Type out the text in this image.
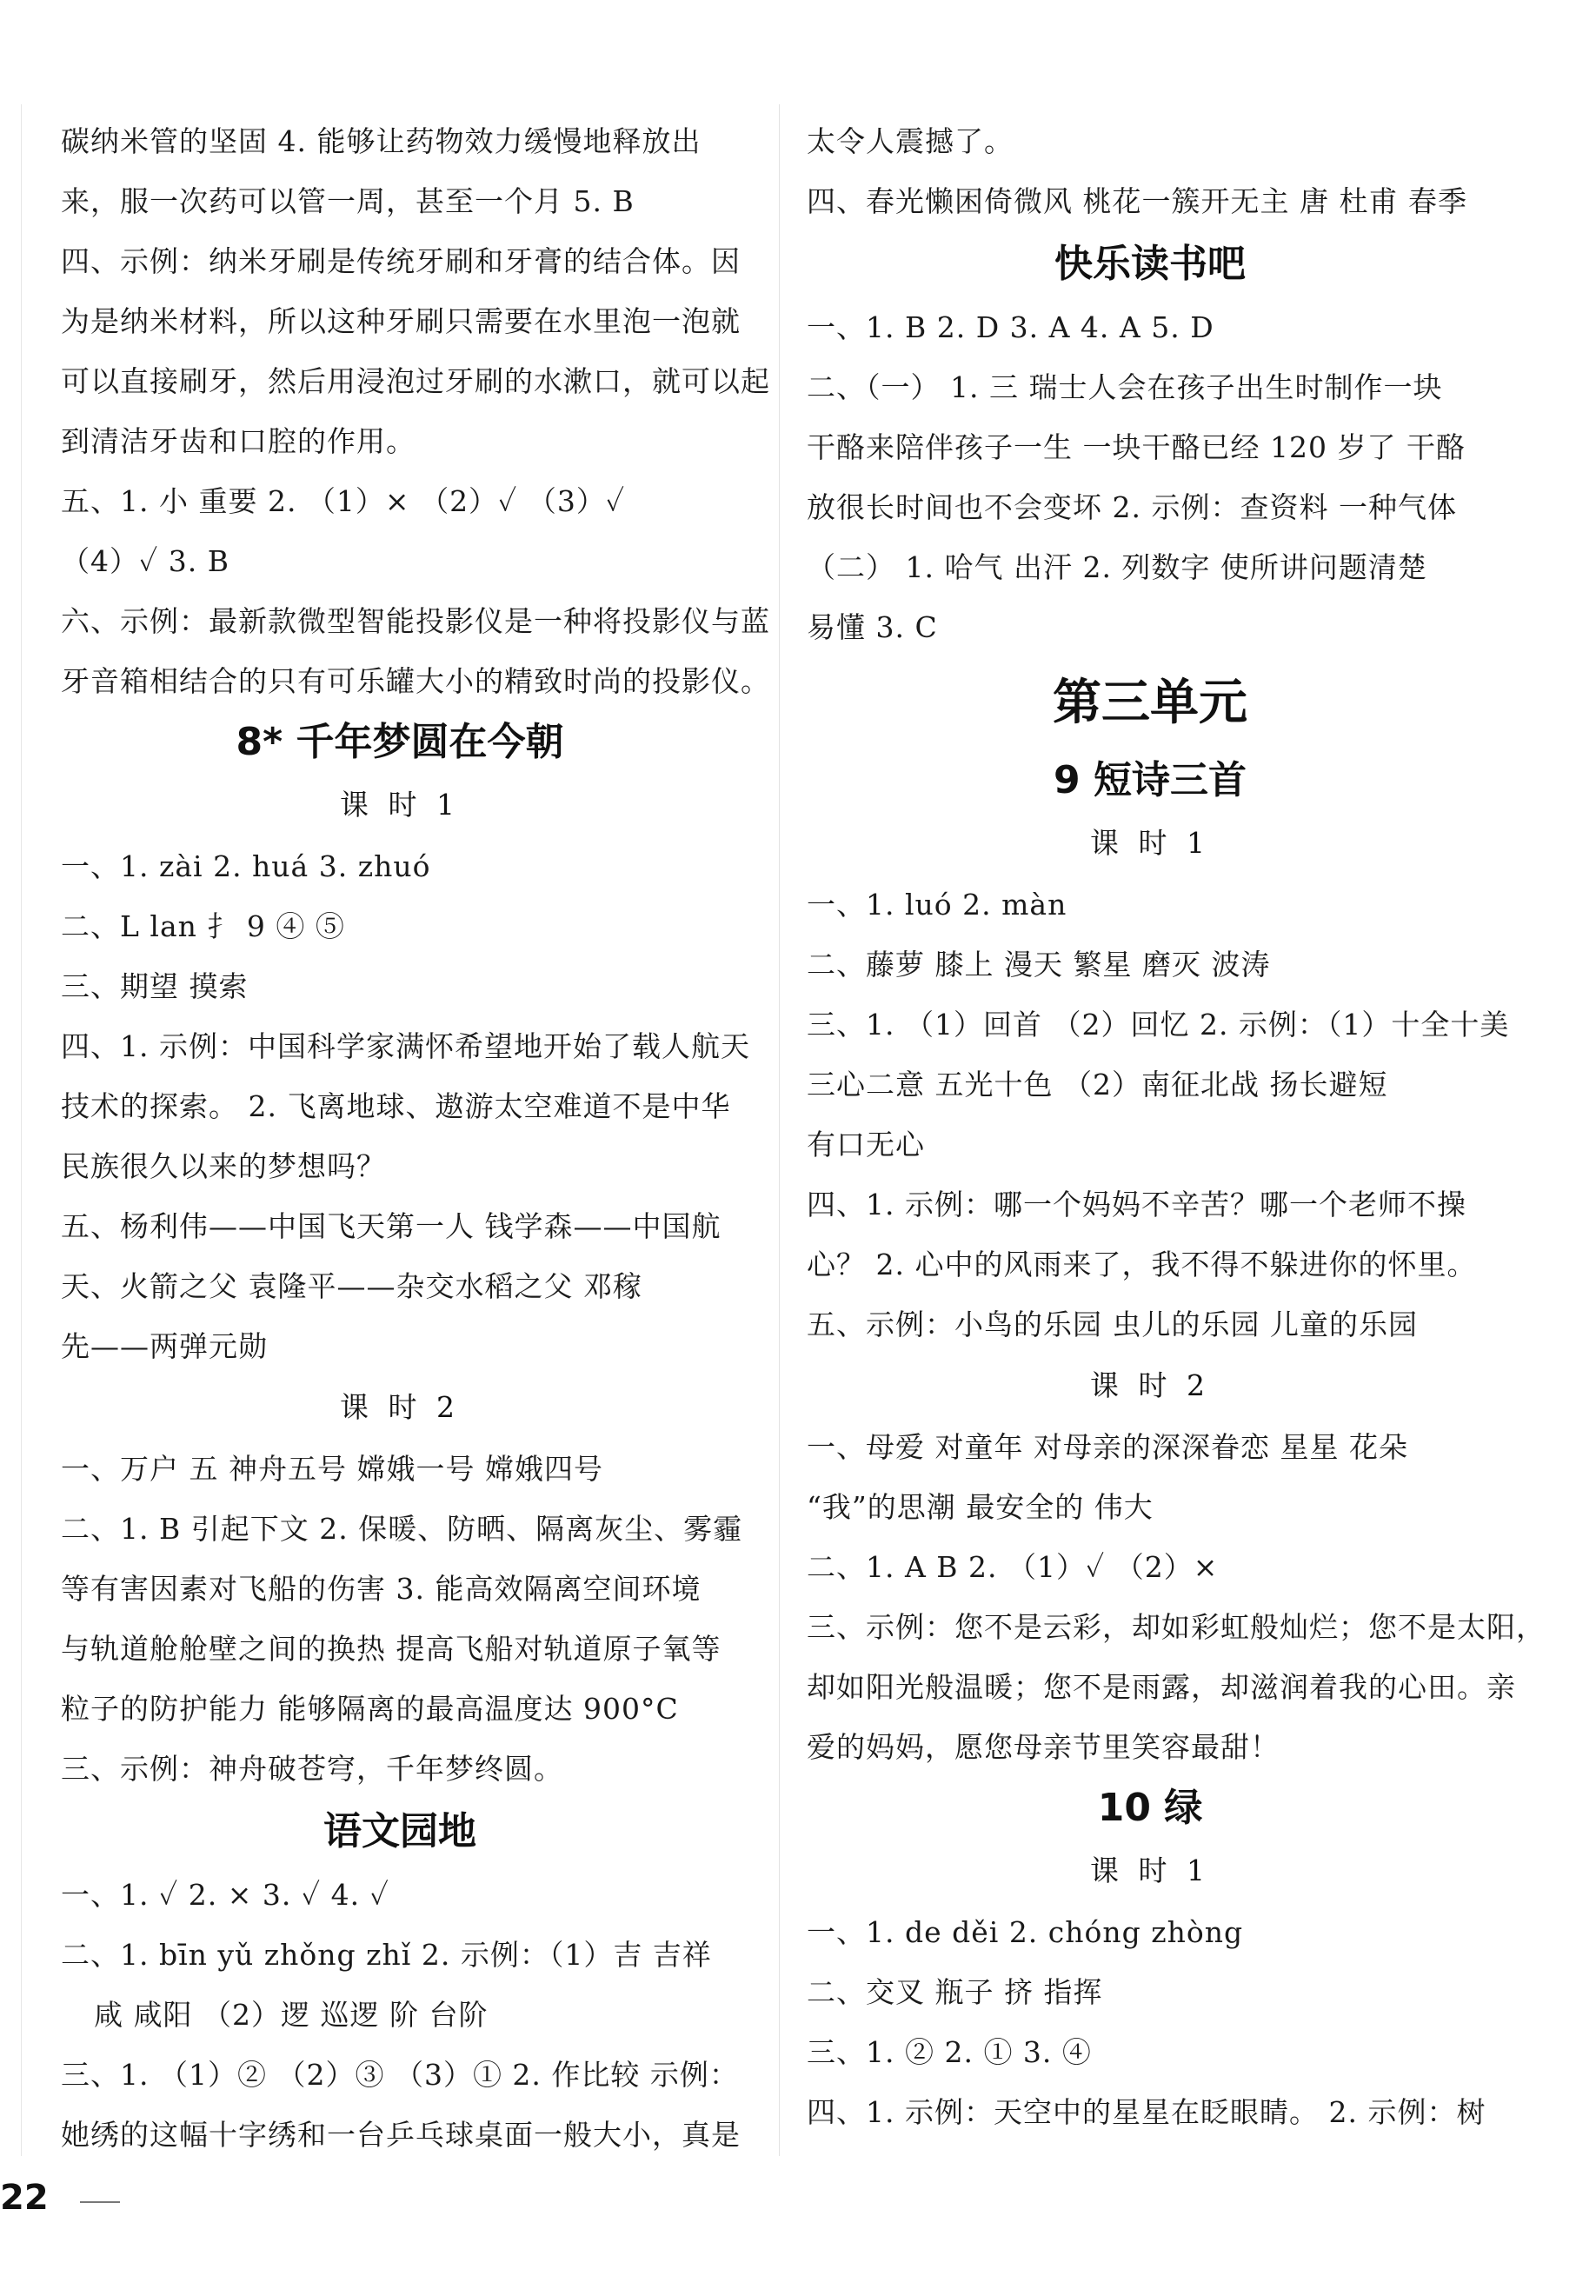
碳纳米管的坚固 4. 能够让药物效力缓慢地释放出
来，服一次药可以管一周，甚至一个月 5. B
四、示例：纳米牙刷是传统牙刷和牙膏的结合体。因
为是纳米材料，所以这种牙刷只需要在水里泡一泡就
可以直接刷牙，然后用浸泡过牙刷的水漱口，就可以起
到清洁牙齿和口腔的作用。
五、1. 小 重要 2. （1）× （2）✓ （3）✓
（4）✓ 3. B
六、示例：最新款微型智能投影仪是一种将投影仪与蓝
牙音箱相结合的只有可乐罐大小的精致时尚的投影仪。
8* 千年梦圆在今朝
课 时 1
一、1. zài 2. huá 3. zhuó
二、L lan 扌 9 ④ ⑤
三、期望 摸索
四、1. 示例：中国科学家满怀希望地开始了载人航天
技术的探索。 2. 飞离地球、遨游太空难道不是中华
民族很久以来的梦想吗？
五、杨利伟——中国飞天第一人 钱学森——中国航
天、火箭之父 袁隆平——杂交水稻之父 邓稼
先——两弹元勋
课 时 2
一、万户 五 神舟五号 嫦娥一号 嫦娥四号
二、1. B 引起下文 2. 保暖、防晒、隔离灰尘、雾霾
等有害因素对飞船的伤害 3. 能高效隔离空间环境
与轨道舱舱壁之间的换热 提高飞船对轨道原子氧等
粒子的防护能力 能够隔离的最高温度达 900°C
三、示例：神舟破苍穹，千年梦终圆。
语文园地
一、1. ✓ 2. × 3. ✓ 4. ✓
二、1. bīn yǔ zhǒng zhǐ 2. 示例：（1）吉 吉祥
咸 咸阳 （2）逻 巡逻 阶 台阶
三、1. （1）② （2）③ （3）① 2. 作比较 示例：
她绣的这幅十字绣和一台乒乓球桌面一般大小，真是
太令人震撼了。
四、春光懒困倚微风 桃花一簇开无主 唐 杜甫 春季
快乐读书吧
一、1. B 2. D 3. A 4. A 5. D
二、（一） 1. 三 瑞士人会在孩子出生时制作一块
干酪来陪伴孩子一生 一块干酪已经 120 岁了 干酪
放很长时间也不会变坏 2. 示例：查资料 一种气体
（二） 1. 哈气 出汗 2. 列数字 使所讲问题清楚
易懂 3. C
第三单元
9 短诗三首
课 时 1
一、1. luó 2. màn
二、藤萝 膝上 漫天 繁星 磨灭 波涛
三、1. （1）回首 （2）回忆 2. 示例：（1）十全十美
三心二意 五光十色 （2）南征北战 扬长避短
有口无心
四、1. 示例：哪一个妈妈不辛苦？哪一个老师不操
心？ 2. 心中的风雨来了，我不得不躲进你的怀里。
五、示例：小鸟的乐园 虫儿的乐园 儿童的乐园
课 时 2
一、母爱 对童年 对母亲的深深眷恋 星星 花朵
“我”的思潮 最安全的 伟大
二、1. A B 2. （1）✓ （2）×
三、示例：您不是云彩，却如彩虹般灿烂；您不是太阳，
却如阳光般温暖；您不是雨露，却滋润着我的心田。亲
爱的妈妈，愿您母亲节里笑容最甜！
10 绿
课 时 1
一、1. de děi 2. chóng zhòng
二、交叉 瓶子 挤 指挥
三、1. ② 2. ① 3. ④
四、1. 示例：天空中的星星在眨眼睛。 2. 示例：树
22
